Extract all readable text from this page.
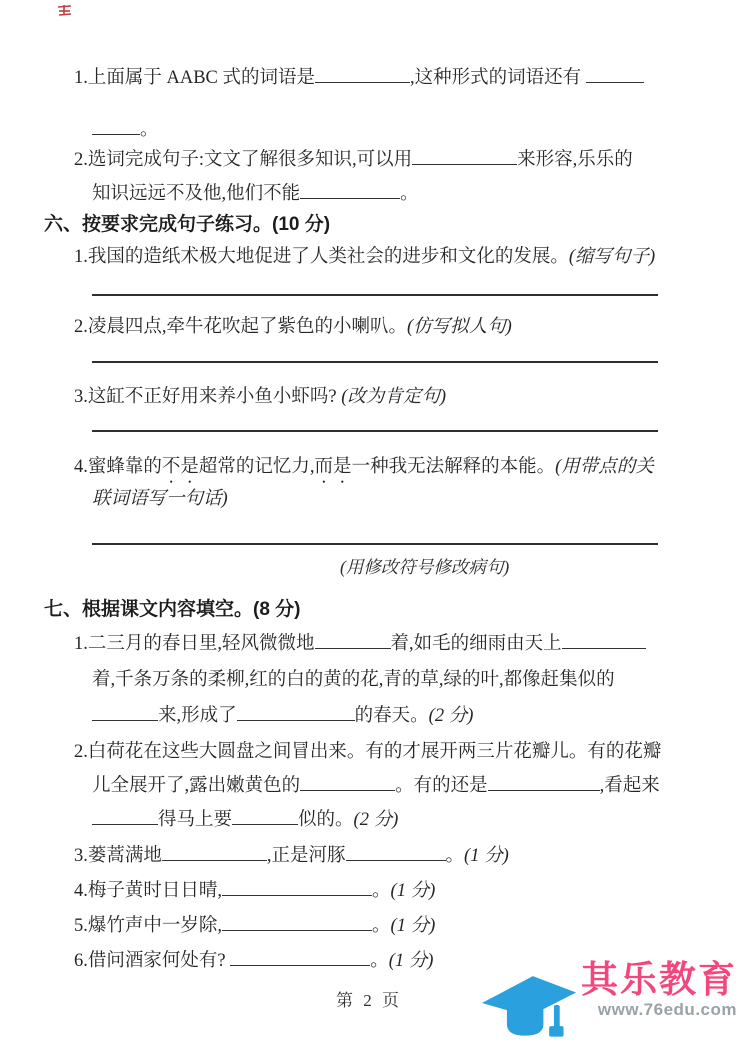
1.上面属于 AABC 式的词语是	,这种形式的词语还有
。
2.选词完成句子:文文了解很多知识,可以用	来形容,乐乐的
知识远远不及他,他们不能	。
六、按要求完成句子练习。(10 分)
1.我国的造纸术极大地促进了人类社会的进步和文化的发展。(缩写句子)
2.凌晨四点,牵牛花吹起了紫色的小喇叭。(仿写拟人句)
3.这缸不正好用来养小鱼小虾吗? (改为肯定句)
4.蜜蜂靠的不是超常的记忆力,而是一种我无法解释的本能。(用带点的关
联词语写一句话)
(用修改符号修改病句)
七、根据课文内容填空。(8 分)
1.二三月的春日里,轻风微微地	着,如毛的细雨由天上
着,千条万条的柔柳,红的白的黄的花,青的草,绿的叶,都像赶集似的
来,形成了	的春天。(2 分)
2.白荷花在这些大圆盘之间冒出来。有的才展开两三片花瓣儿。有的花瓣
儿全展开了,露出嫩黄色的	。有的还是	,看起来
得马上要	似的。(2 分)
3.蒌蒿满地	,正是河豚	。(1 分)
4.梅子黄时日日晴,	。(1 分)
5.爆竹声中一岁除,	。(1 分)
6.借问酒家何处有?	。(1 分)
第 2 页
其乐教育
www.76edu.com
